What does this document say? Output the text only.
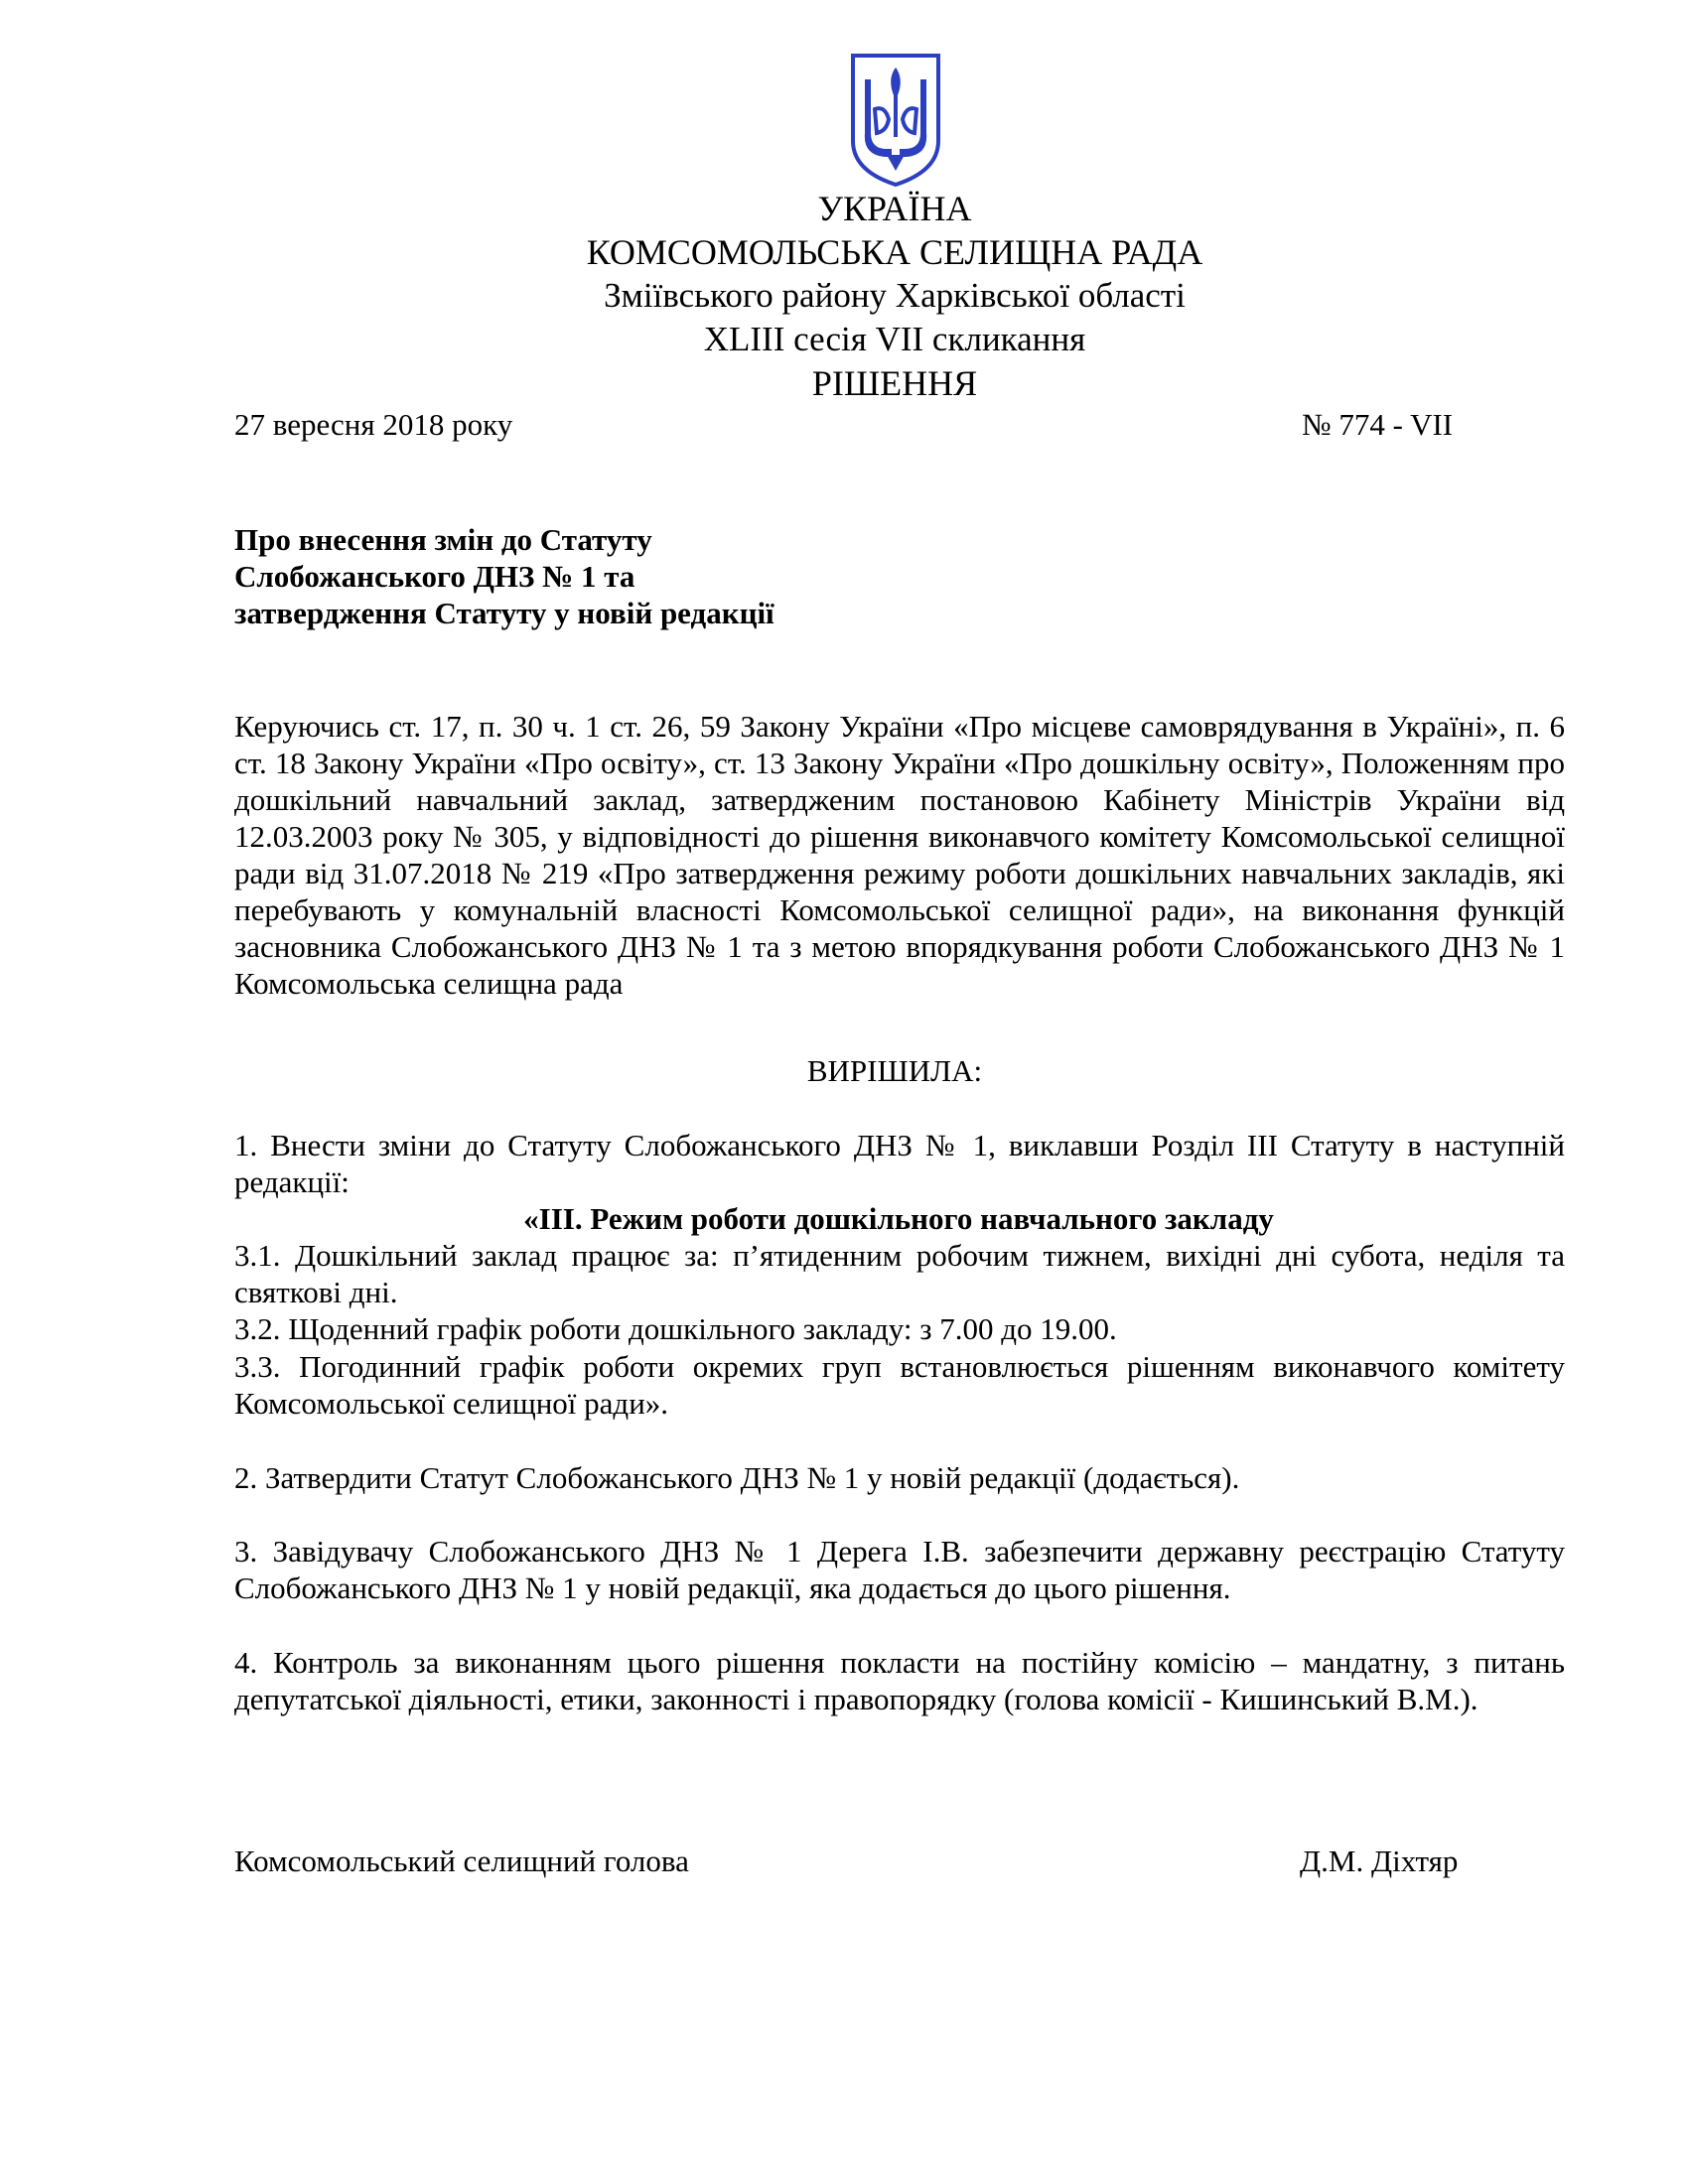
УКРАЇНА
КОМСОМОЛЬСЬКА СЕЛИЩНА РАДА
Зміївського району Харківської області
XLIII сесія VII скликання
РІШЕННЯ
27 вересня 2018 року	№ 774 - VII
Про внесення змін до Статуту
Слобожанського ДНЗ № 1 та
затвердження Статуту у новій редакції
Керуючись ст. 17, п. 30 ч. 1 ст. 26, 59 Закону України «Про місцеве самоврядування в Україні», п. 6 ст. 18 Закону України «Про освіту», ст. 13 Закону України «Про дошкільну освіту», Положенням про дошкільний навчальний заклад, затвердженим постановою Кабінету Міністрів України від 12.03.2003 року № 305, у відповідності до рішення виконавчого комітету Комсомольської селищної ради від 31.07.2018 № 219 «Про затвердження режиму роботи дошкільних навчальних закладів, які перебувають у комунальній власності Комсомольської селищної ради», на виконання функцій засновника Слобожанського ДНЗ № 1 та з метою впорядкування роботи Слобожанського ДНЗ № 1 Комсомольська селищна рада
ВИРІШИЛА:
1. Внести зміни до Статуту Слобожанського ДНЗ № 1, виклавши Розділ ІІІ Статуту в наступній редакції:
«ІІІ. Режим роботи дошкільного навчального закладу
3.1. Дошкільний заклад працює за: п’ятиденним робочим тижнем, вихідні дні субота, неділя та святкові дні.
3.2. Щоденний графік роботи дошкільного закладу: з 7.00 до 19.00.
3.3. Погодинний графік роботи окремих груп встановлюється рішенням виконавчого комітету Комсомольської селищної ради».
2. Затвердити Статут Слобожанського ДНЗ № 1 у новій редакції (додається).
3. Завідувачу Слобожанського ДНЗ № 1 Дерега І.В. забезпечити державну реєстрацію Статуту Слобожанського ДНЗ № 1 у новій редакції, яка додається до цього рішення.
4. Контроль за виконанням цього рішення покласти на постійну комісію – мандатну, з питань депутатської діяльності, етики, законності і правопорядку (голова комісії - Кишинський В.М.).
Комсомольський селищний голова	Д.М. Діхтяр
